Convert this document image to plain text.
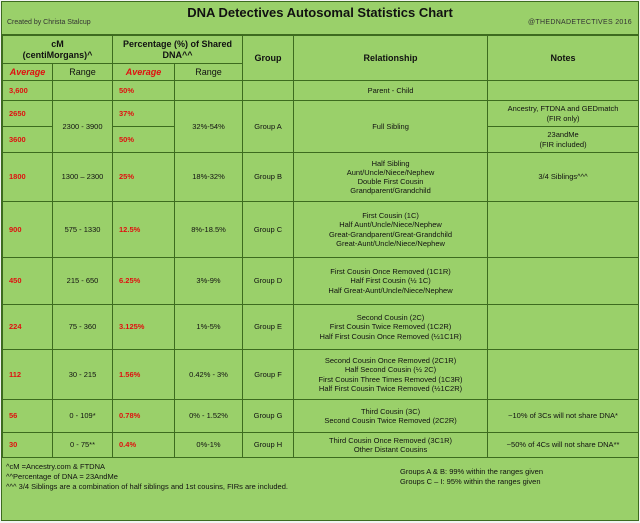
Created by Christa Stalcup
DNA Detectives Autosomal Statistics Chart
@THEDNADETECTIVES 2016
cM
(centiMorgans)^		Percentage (%) of Shared DNA^^		Group	Relationship	Notes
Average	Range	Average	Range			
3,600		50%			Parent - Child	
2650	2300 - 3900	37%	32%-54%	Group A	Full Sibling	Ancestry, FTDNA and GEDmatch
(FIR only)
3600		50%				23andMe
(FIR included)
1800	1300 – 2300	25%	18%-32%	Group B	Half Sibling
Aunt/Uncle/Niece/Nephew
Double First Cousin
Grandparent/Grandchild	3/4 Siblings^^^
900	575 - 1330	12.5%	8%-18.5%	Group C	First Cousin (1C)
Half Aunt/Uncle/Niece/Nephew
Great-Grandparent/Great-Grandchild
Great-Aunt/Uncle/Niece/Nephew	
450	215 - 650	6.25%	3%-9%	Group D	First Cousin Once Removed (1C1R)
Half First Cousin (½ 1C)
Half Great-Aunt/Uncle/Niece/Nephew	
224	75 - 360	3.125%	1%-5%	Group E	Second Cousin (2C)
First Cousin Twice Removed (1C2R)
Half First Cousin Once Removed (½1C1R)	
112	30 - 215	1.56%	0.42% - 3%	Group F	Second Cousin Once Removed (2C1R)
Half Second Cousin (½ 2C)
First Cousin Three Times Removed (1C3R)
Half First Cousin Twice Removed (½1C2R)	
56	0 - 109*	0.78%	0% - 1.52%	Group G	Third Cousin (3C)
Second Cousin Twice Removed (2C2R)	~10% of 3Cs will not share DNA*
30	0 - 75**	0.4%	0%-1%	Group H	Third Cousin Once Removed (3C1R)
Other Distant Cousins	~50% of 4Cs will not share DNA**
^cM =Ancestry.com & FTDNA
^^Percentage of DNA = 23AndMe
^^^ 3/4 Siblings are a combination of half siblings and 1st cousins, FIRs are included.
Groups A & B: 99% within the ranges given
Groups C – I: 95% within the ranges given
